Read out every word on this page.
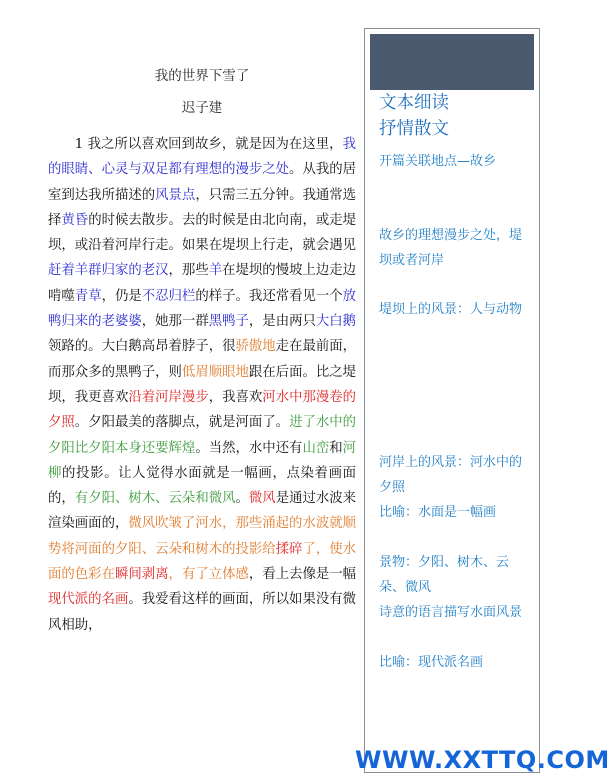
我的世界下雪了
迟子建
1 我之所以喜欢回到故乡，就是因为在这里，我的眼睛、心灵与双足都有理想的漫步之处。从我的居室到达我所描述的风景点，只需三五分钟。我通常选择黄昏的时候去散步。去的时候是由北向南，或走堤坝，或沿着河岸行走。如果在堤坝上行走，就会遇见赶着羊群归家的老汉，那些羊在堤坝的慢坡上边走边啃噬青草，仍是不忍归栏的样子。我还常看见一个放鸭归来的老婆婆，她那一群黑鸭子，是由两只大白鹅领路的。大白鹅高昂着脖子，很骄傲地走在最前面，而那众多的黑鸭子，则低眉顺眼地跟在后面。比之堤坝，我更喜欢沿着河岸漫步，我喜欢河水中那漫卷的夕照。夕阳最美的落脚点，就是河面了。进了水中的夕阳比夕阳本身还要辉煌。当然，水中还有山峦和河柳的投影。让人觉得水面就是一幅画，点染着画面的，有夕阳、树木、云朵和微风。微风是通过水波来渲染画面的，微风吹皱了河水，那些涌起的水波就顺势将河面的夕阳、云朵和树木的投影给揉碎了，使水面的色彩在瞬间剥离，有了立体感，看上去像是一幅现代派的名画。我爱看这样的画面，所以如果没有微风相助，
文本细读
抒情散文
开篇关联地点—故乡
故乡的理想漫步之处，堤坝或者河岸
堤坝上的风景：人与动物
河岸上的风景：河水中的夕照
比喻：水面是一幅画
景物：夕阳、树木、云朵、微风
诗意的语言描写水面风景
比喻：现代派名画
WWW.XXTTQ.COM
